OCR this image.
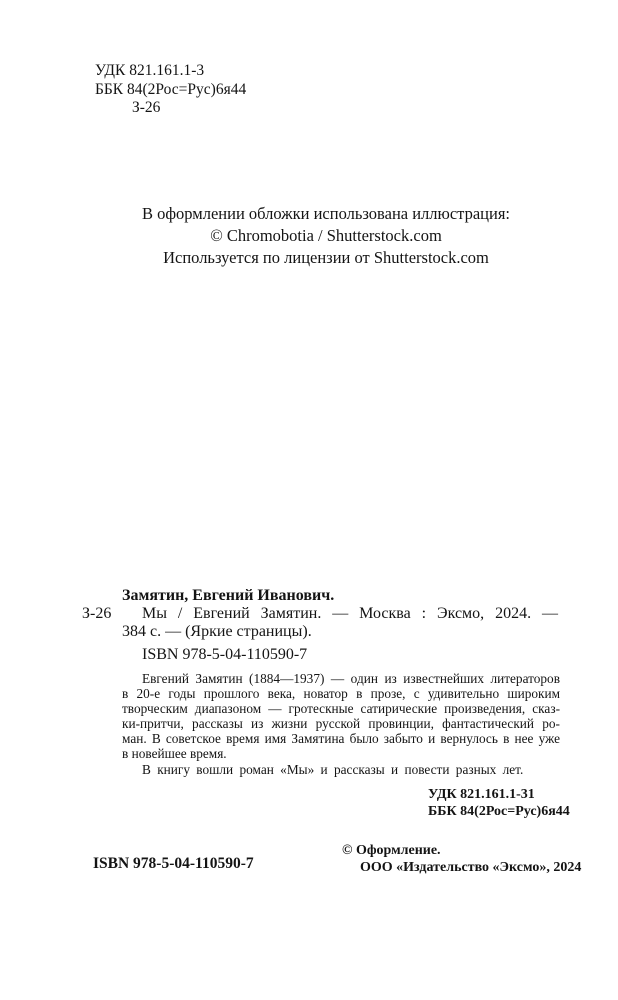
УДК 821.161.1-3
ББК 84(2Рос=Рус)6я44
З-26
В оформлении обложки использована иллюстрация:
© Chromobotia / Shutterstock.com
Используется по лицензии от Shutterstock.com
Замятин, Евгений Иванович.
З-26 Мы / Евгений Замятин. — Москва : Эксмо, 2024. —
384 с. — (Яркие страницы).
ISBN 978-5-04-110590-7
Евгений Замятин (1884—1937) — один из известнейших литераторов
в 20-е годы прошлого века, новатор в прозе, с удивительно широким
творческим диапазоном — гротескные сатирические произведения, сказ-
ки-притчи, рассказы из жизни русской провинции, фантастический ро-
ман. В советское время имя Замятина было забыто и вернулось в нее уже
в новейшее время.
В книгу вошли роман «Мы» и рассказы и повести разных лет.
УДК 821.161.1-31
ББК 84(2Рос=Рус)6я44
ISBN 978-5-04-110590-7
© Оформление.
ООО «Издательство «Эксмо», 2024
